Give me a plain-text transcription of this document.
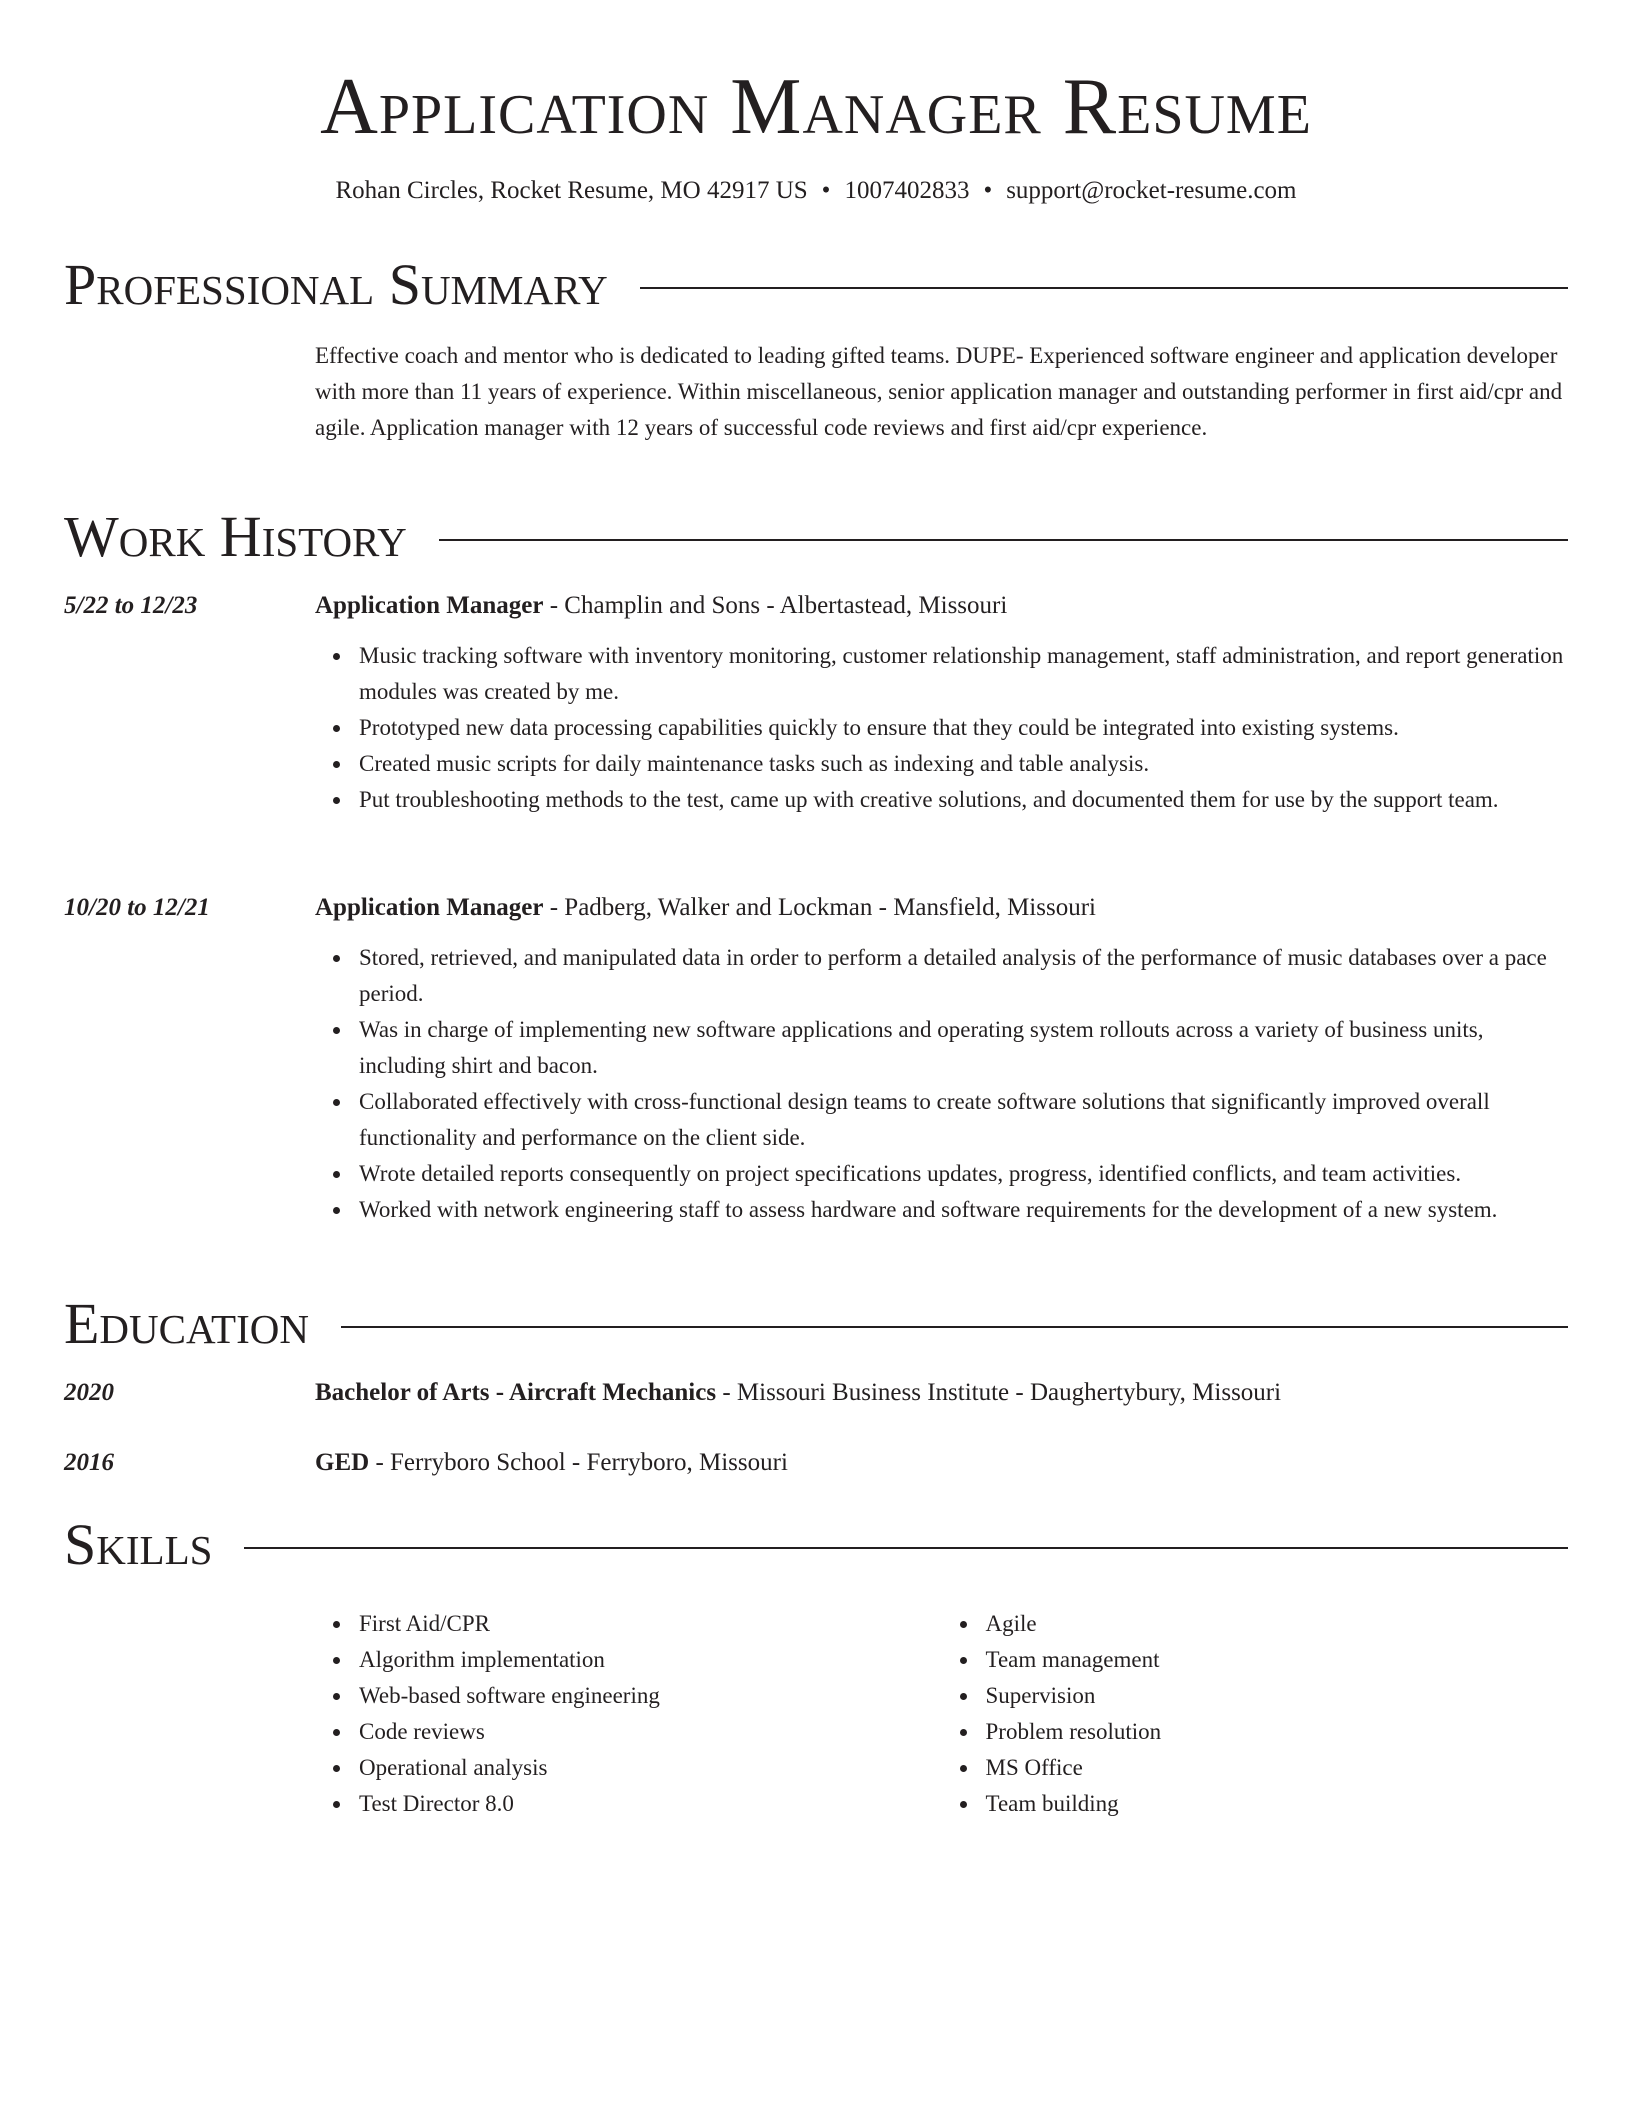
Application Manager Resume
Rohan Circles, Rocket Resume, MO 42917 US • 1007402833 • support@rocket-resume.com
Professional Summary
Effective coach and mentor who is dedicated to leading gifted teams. DUPE- Experienced software engineer and application developer with more than 11 years of experience. Within miscellaneous, senior application manager and outstanding performer in first aid/cpr and agile. Application manager with 12 years of successful code reviews and first aid/cpr experience.
Work History
5/22 to 12/23	Application Manager - Champlin and Sons - Albertastead, Missouri
Music tracking software with inventory monitoring, customer relationship management, staff administration, and report generation modules was created by me.
Prototyped new data processing capabilities quickly to ensure that they could be integrated into existing systems.
Created music scripts for daily maintenance tasks such as indexing and table analysis.
Put troubleshooting methods to the test, came up with creative solutions, and documented them for use by the support team.
10/20 to 12/21	Application Manager - Padberg, Walker and Lockman - Mansfield, Missouri
Stored, retrieved, and manipulated data in order to perform a detailed analysis of the performance of music databases over a pace period.
Was in charge of implementing new software applications and operating system rollouts across a variety of business units, including shirt and bacon.
Collaborated effectively with cross-functional design teams to create software solutions that significantly improved overall functionality and performance on the client side.
Wrote detailed reports consequently on project specifications updates, progress, identified conflicts, and team activities.
Worked with network engineering staff to assess hardware and software requirements for the development of a new system.
Education
2020	Bachelor of Arts - Aircraft Mechanics - Missouri Business Institute - Daughertybury, Missouri
2016	GED - Ferryboro School - Ferryboro, Missouri
Skills
First Aid/CPR
Algorithm implementation
Web-based software engineering
Code reviews
Operational analysis
Test Director 8.0
Agile
Team management
Supervision
Problem resolution
MS Office
Team building
